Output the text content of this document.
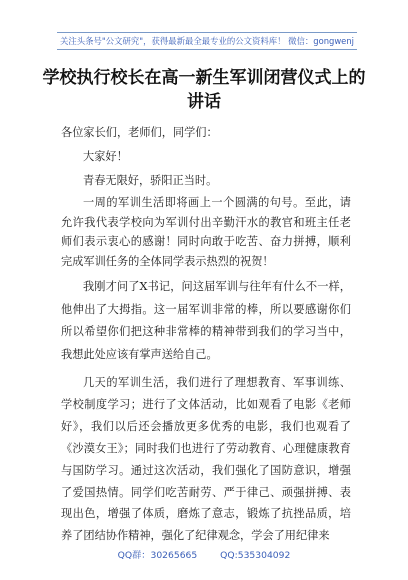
关注头条号"公文研究"，获得最新最全最专业的公文资料库！ 微信：gongwenj
学校执行校长在高一新生军训闭营仪式上的讲话

各位家长们，老师们，同学们：

大家好！

青春无限好，骄阳正当时。

一周的军训生活即将画上一个圆满的句号。至此，请允许我代表学校向为军训付出辛勤汗水的教官和班主任老师们表示衷心的感谢！同时向敢于吃苦、奋力拼搏，顺利完成军训任务的全体同学表示热烈的祝贺！

我刚才问了X书记，问这届军训与往年有什么不一样，他伸出了大拇指。这一届军训非常的棒，所以要感谢你们所以希望你们把这种非常棒的精神带到我们的学习当中，我想此处应该有掌声送给自己。

几天的军训生活，我们进行了理想教育、军事训练、学校制度学习；进行了文体活动，比如观看了电影《老师好》，我们以后还会播放更多优秀的电影，我们也观看了《沙漠女王》；同时我们也进行了劳动教育、心理健康教育与国防学习。通过这次活动，我们强化了国防意识，增强了爱国热情。同学们吃苦耐劳、严于律己、顽强拼搏、表现出色，增强了体质，磨炼了意志，锻炼了抗挫品质，培养了团结协作精神，强化了纪律观念，学会了用纪律来

QQ群：30265665 QQ:535304092
